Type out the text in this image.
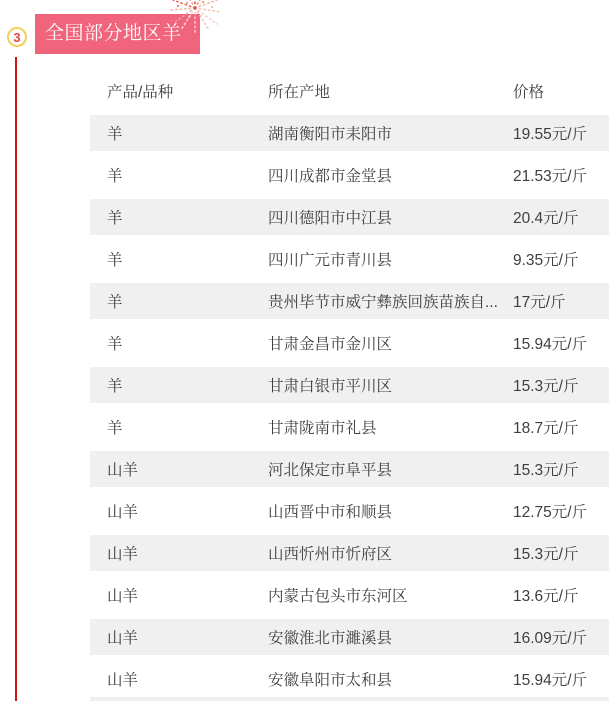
3	全国部分地区羊价
产品/品种	所在产地	价格
羊	湖南衡阳市耒阳市	19.55元/斤
羊	四川成都市金堂县	21.53元/斤
羊	四川德阳市中江县	20.4元/斤
羊	四川广元市青川县	9.35元/斤
羊	贵州毕节市威宁彝族回族苗族自...	17元/斤
羊	甘肃金昌市金川区	15.94元/斤
羊	甘肃白银市平川区	15.3元/斤
羊	甘肃陇南市礼县	18.7元/斤
山羊	河北保定市阜平县	15.3元/斤
山羊	山西晋中市和顺县	12.75元/斤
山羊	山西忻州市忻府区	15.3元/斤
山羊	内蒙古包头市东河区	13.6元/斤
山羊	安徽淮北市濉溪县	16.09元/斤
山羊	安徽阜阳市太和县	15.94元/斤
